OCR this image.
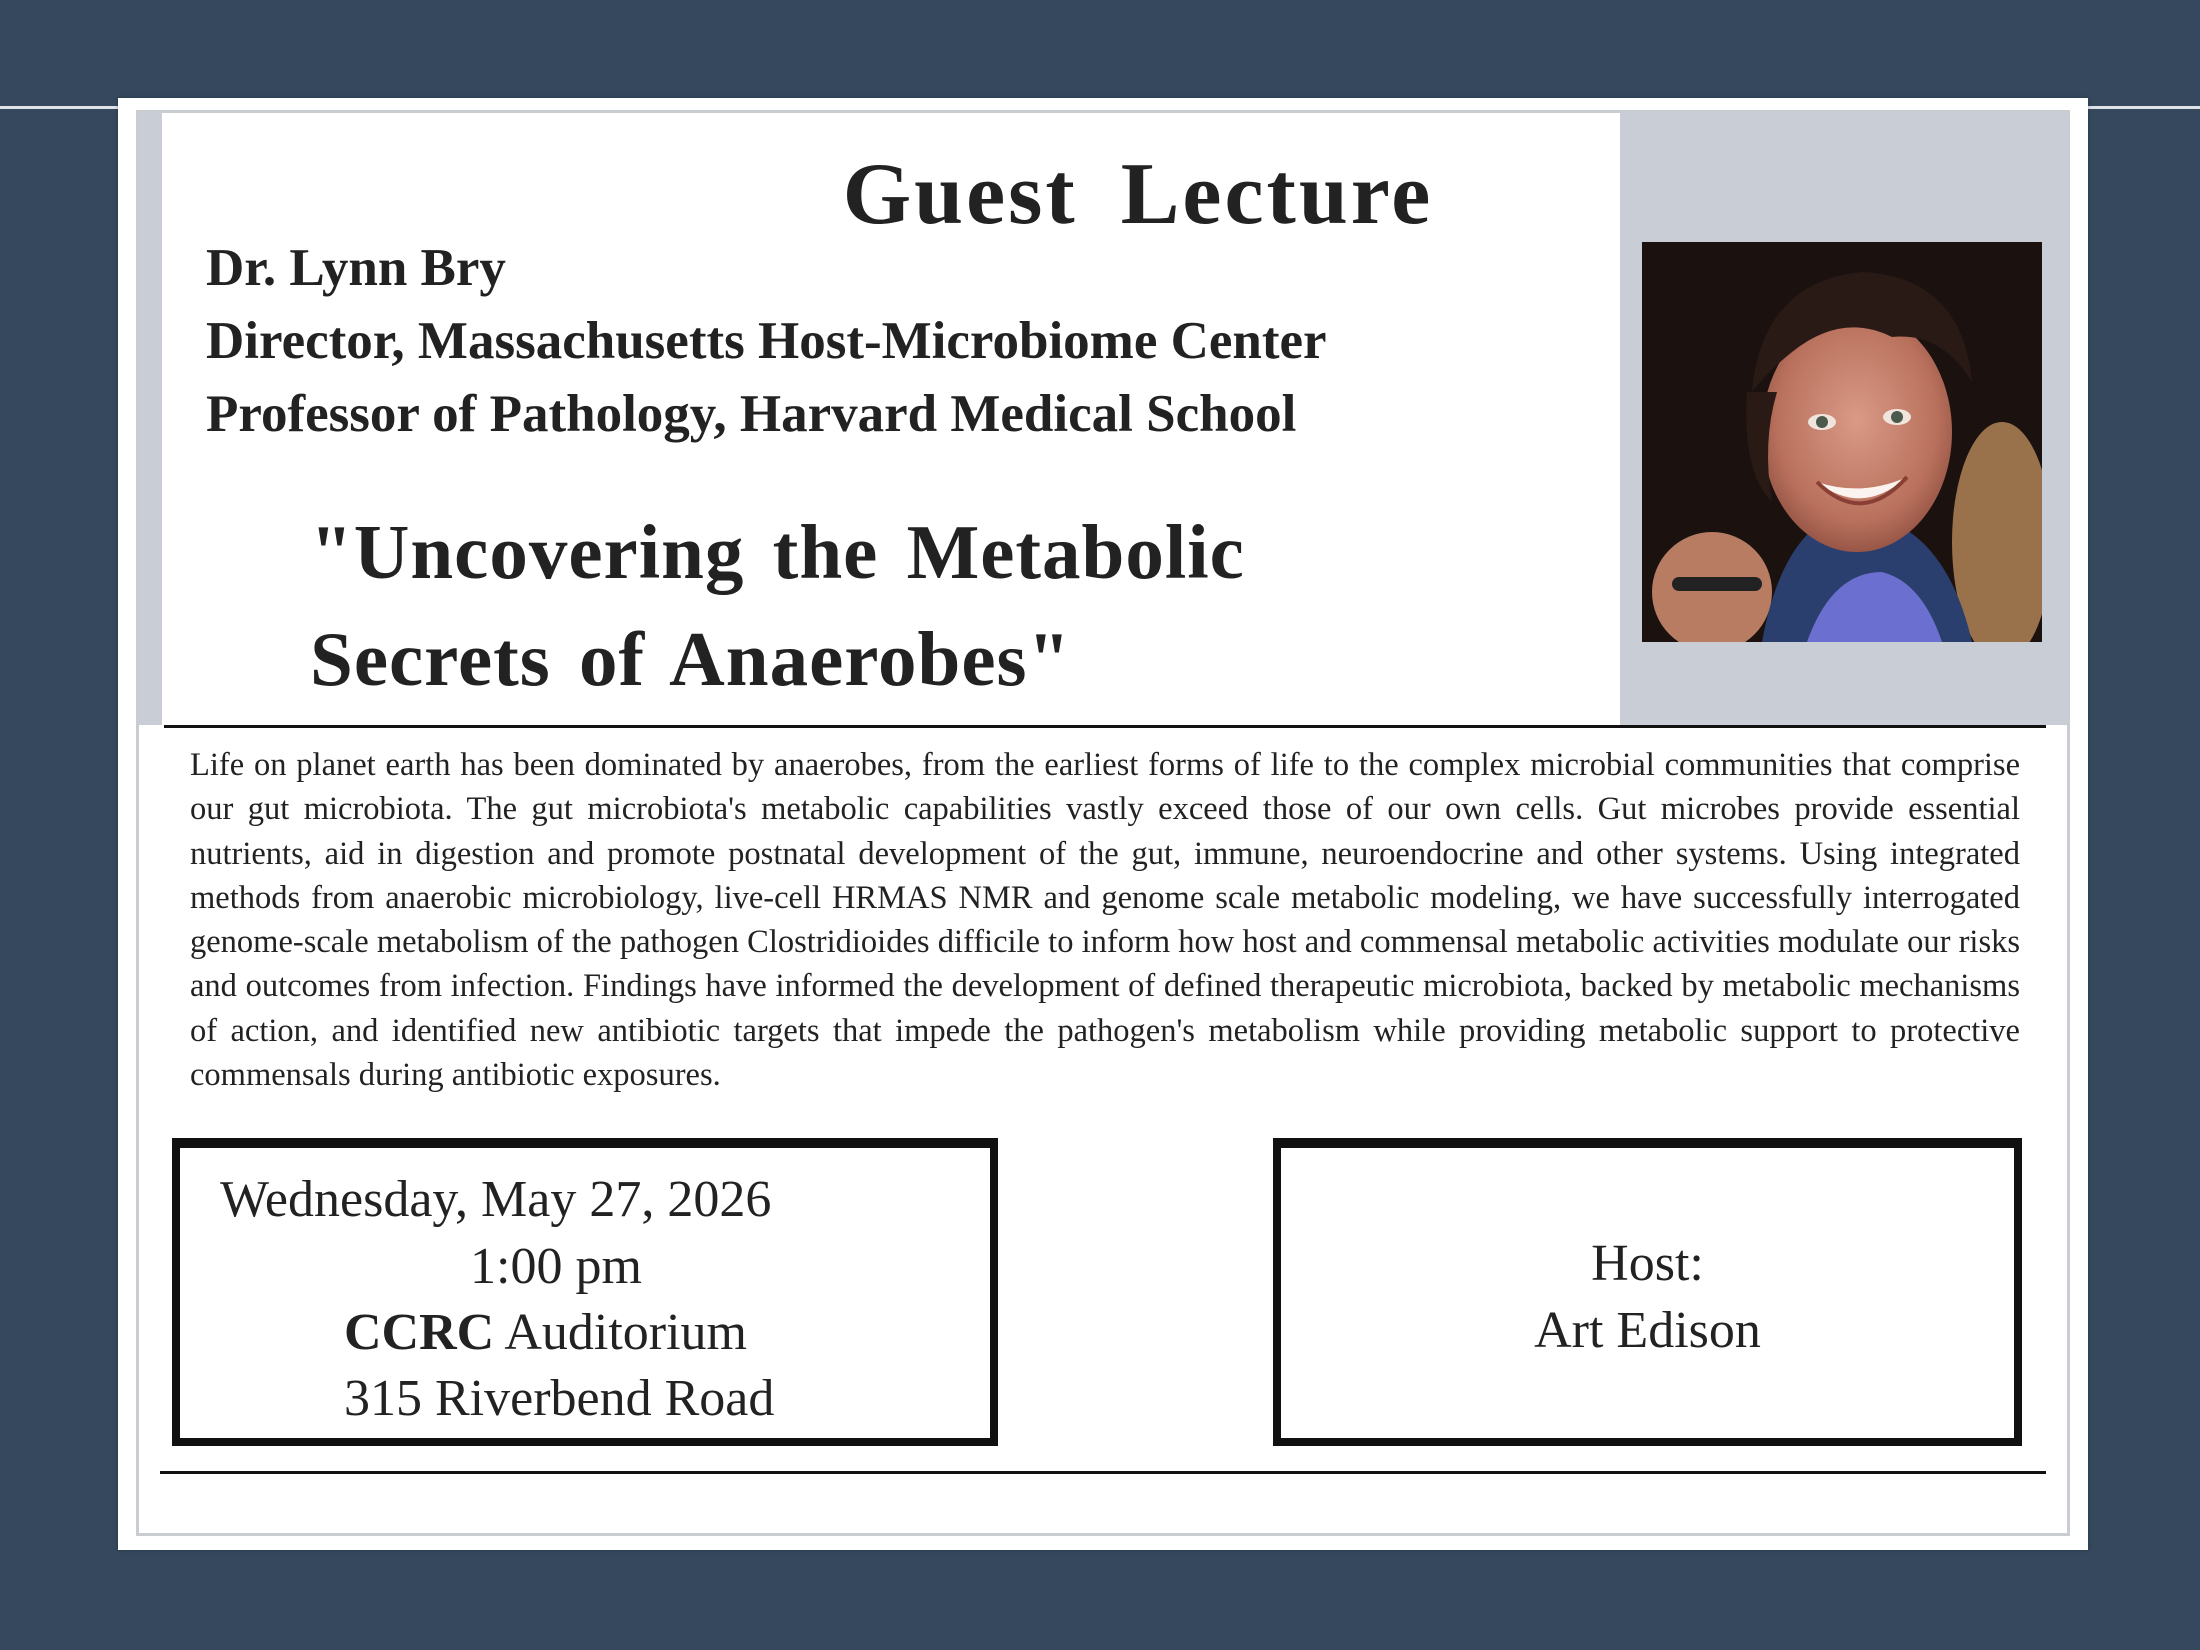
Guest Lecture
Dr. Lynn Bry
Director, Massachusetts Host-Microbiome Center
Professor of Pathology, Harvard Medical School
"Uncovering the Metabolic
Secrets of Anaerobes"
Life on planet earth has been dominated by anaerobes, from the earliest forms of life to the complex microbial communities that comprise our gut microbiota. The gut microbiota's metabolic capabilities vastly exceed those of our own cells. Gut microbes provide essential nutrients, aid in digestion and promote postnatal development of the gut, immune, neuroendocrine and other systems. Using integrated methods from anaerobic microbiology, live-cell HRMAS NMR and genome scale metabolic modeling, we have successfully interrogated genome-scale metabolism of the pathogen Clostridioides difficile to inform how host and commensal metabolic activities modulate our risks and outcomes from infection. Findings have informed the development of defined therapeutic microbiota, backed by metabolic mechanisms of action, and identified new antibiotic targets that impede the pathogen's metabolism while providing metabolic support to protective commensals during antibiotic exposures.
Wednesday, May 27, 2026
1:00 pm
CCRC Auditorium
315 Riverbend Road
Host:
Art Edison
